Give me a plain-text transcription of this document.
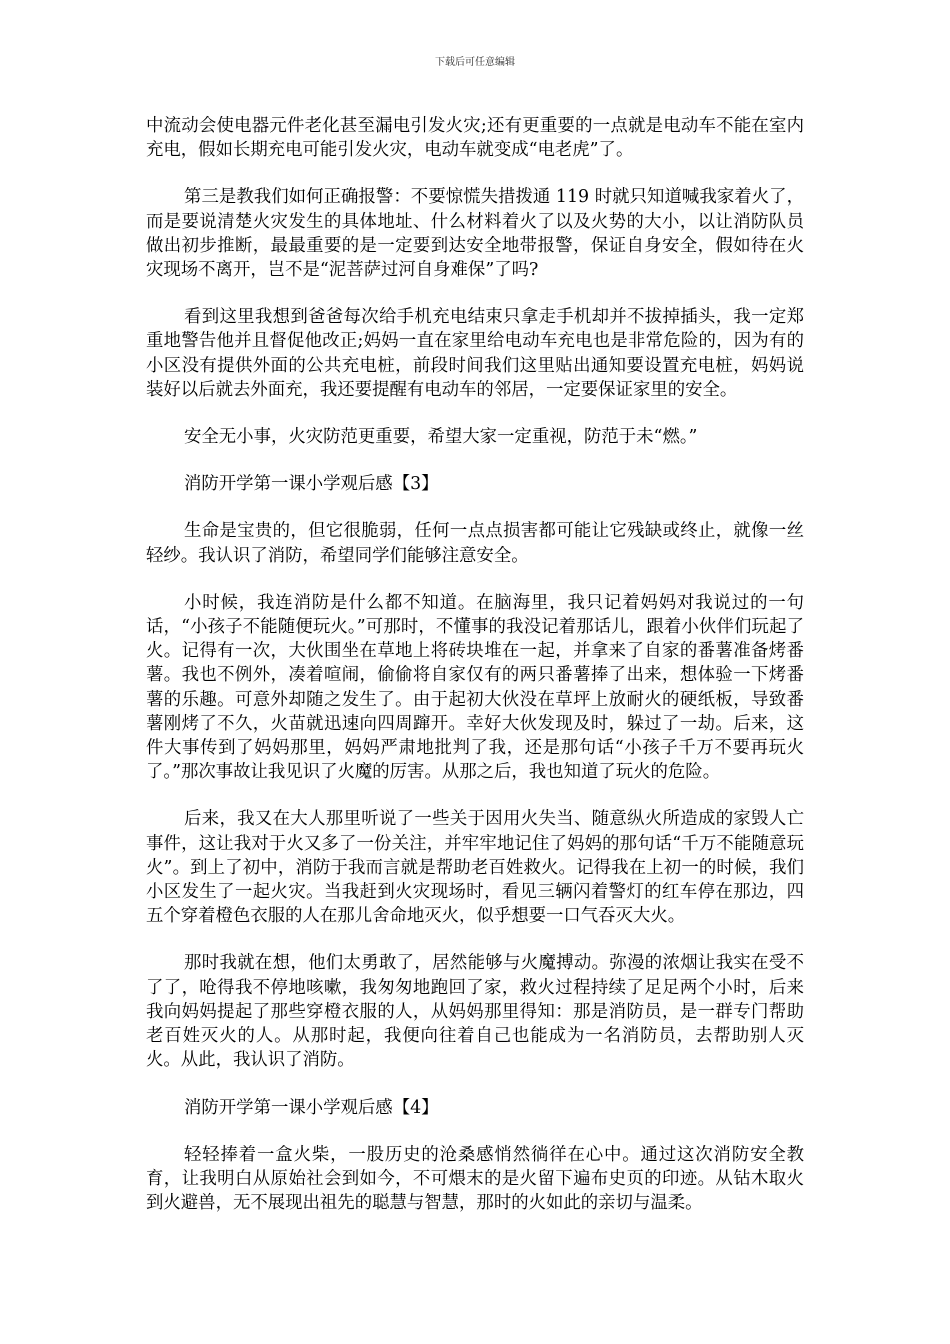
下载后可任意编辑

中流动会使电器元件老化甚至漏电引发火灾;还有更重要的一点就是电动车不能在室内充电，假如长期充电可能引发火灾，电动车就变成“电老虎”了。

第三是教我们如何正确报警：不要惊慌失措拨通 119 时就只知道喊我家着火了，而是要说清楚火灾发生的具体地址、什么材料着火了以及火势的大小，以让消防队员做出初步推断，最最重要的是一定要到达安全地带报警，保证自身安全，假如待在火灾现场不离开，岂不是“泥菩萨过河自身难保”了吗?

看到这里我想到爸爸每次给手机充电结束只拿走手机却并不拔掉插头，我一定郑重地警告他并且督促他改正;妈妈一直在家里给电动车充电也是非常危险的，因为有的小区没有提供外面的公共充电桩，前段时间我们这里贴出通知要设置充电桩，妈妈说装好以后就去外面充，我还要提醒有电动车的邻居，一定要保证家里的安全。

安全无小事，火灾防范更重要，希望大家一定重视，防范于未“燃。”

消防开学第一课小学观后感【3】

生命是宝贵的，但它很脆弱，任何一点点损害都可能让它残缺或终止，就像一丝轻纱。我认识了消防，希望同学们能够注意安全。

小时候，我连消防是什么都不知道。在脑海里，我只记着妈妈对我说过的一句话，“小孩子不能随便玩火。”可那时，不懂事的我没记着那话儿，跟着小伙伴们玩起了火。记得有一次，大伙围坐在草地上将砖块堆在一起，并拿来了自家的番薯准备烤番薯。我也不例外，凑着喧闹，偷偷将自家仅有的两只番薯捧了出来，想体验一下烤番薯的乐趣。可意外却随之发生了。由于起初大伙没在草坪上放耐火的硬纸板，导致番薯刚烤了不久，火苗就迅速向四周蹿开。幸好大伙发现及时，躲过了一劫。后来，这件大事传到了妈妈那里，妈妈严肃地批判了我，还是那句话“小孩子千万不要再玩火了。”那次事故让我见识了火魔的厉害。从那之后，我也知道了玩火的危险。

后来，我又在大人那里听说了一些关于因用火失当、随意纵火所造成的家毁人亡事件，这让我对于火又多了一份关注，并牢牢地记住了妈妈的那句话“千万不能随意玩火”。到上了初中，消防于我而言就是帮助老百姓救火。记得我在上初一的时候，我们小区发生了一起火灾。当我赶到火灾现场时，看见三辆闪着警灯的红车停在那边，四五个穿着橙色衣服的人在那儿舍命地灭火，似乎想要一口气吞灭大火。

那时我就在想，他们太勇敢了，居然能够与火魔搏动。弥漫的浓烟让我实在受不了了，呛得我不停地咳嗽，我匆匆地跑回了家，救火过程持续了足足两个小时，后来我向妈妈提起了那些穿橙衣服的人，从妈妈那里得知：那是消防员，是一群专门帮助老百姓灭火的人。从那时起，我便向往着自己也能成为一名消防员，去帮助别人灭火。从此，我认识了消防。

消防开学第一课小学观后感【4】

轻轻捧着一盒火柴，一股历史的沧桑感悄然徜徉在心中。通过这次消防安全教育，让我明白从原始社会到如今，不可煨末的是火留下遍布史页的印迹。从钻木取火到火避兽，无不展现出祖先的聪慧与智慧，那时的火如此的亲切与温柔。
